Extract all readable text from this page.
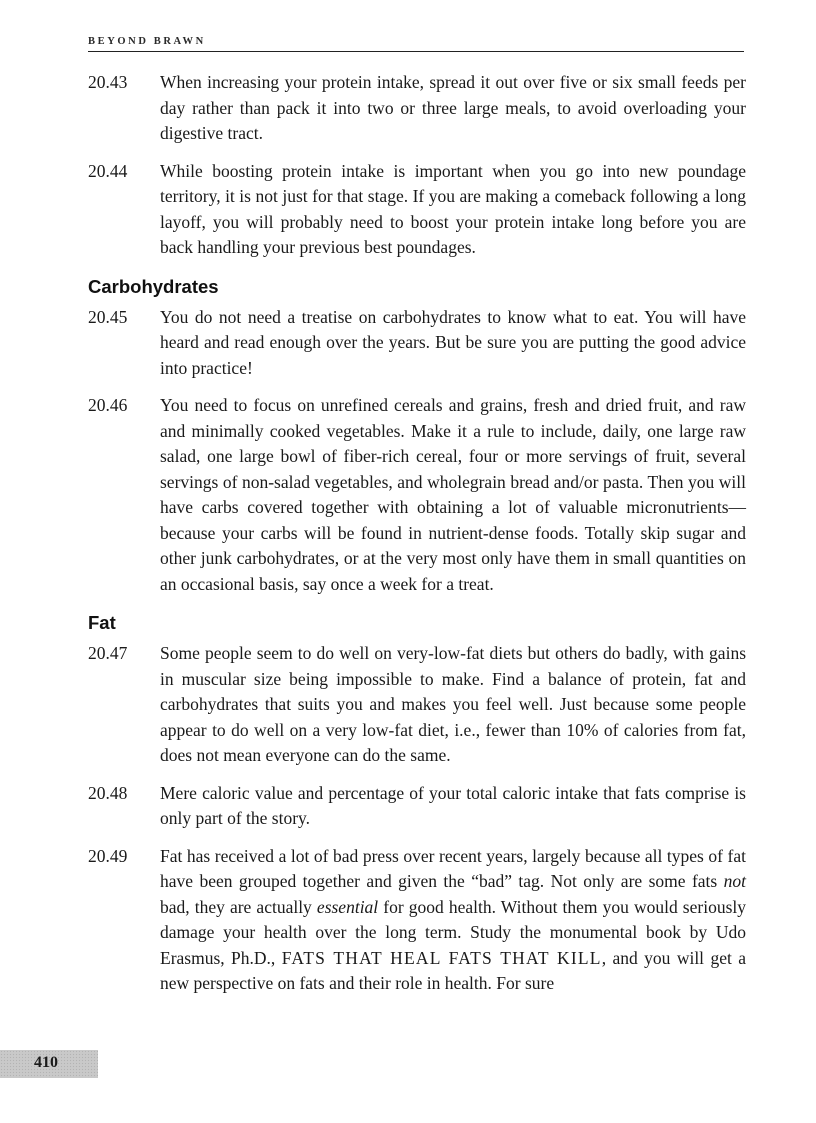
BEYOND BRAWN
20.43	When increasing your protein intake, spread it out over five or six small feeds per day rather than pack it into two or three large meals, to avoid overloading your digestive tract.
20.44	While boosting protein intake is important when you go into new poundage territory, it is not just for that stage. If you are making a comeback following a long layoff, you will probably need to boost your protein intake long before you are back handling your previous best poundages.
Carbohydrates
20.45	You do not need a treatise on carbohydrates to know what to eat. You will have heard and read enough over the years. But be sure you are putting the good advice into practice!
20.46	You need to focus on unrefined cereals and grains, fresh and dried fruit, and raw and minimally cooked vegetables. Make it a rule to include, daily, one large raw salad, one large bowl of fiber-rich cereal, four or more servings of fruit, several servings of non-salad vegetables, and wholegrain bread and/or pasta. Then you will have carbs covered together with obtaining a lot of valuable micronutrients—because your carbs will be found in nutrient-dense foods. Totally skip sugar and other junk carbohydrates, or at the very most only have them in small quantities on an occasional basis, say once a week for a treat.
Fat
20.47	Some people seem to do well on very-low-fat diets but others do badly, with gains in muscular size being impossible to make. Find a balance of protein, fat and carbohydrates that suits you and makes you feel well. Just because some people appear to do well on a very low-fat diet, i.e., fewer than 10% of calories from fat, does not mean everyone can do the same.
20.48	Mere caloric value and percentage of your total caloric intake that fats comprise is only part of the story.
20.49	Fat has received a lot of bad press over recent years, largely because all types of fat have been grouped together and given the “bad” tag. Not only are some fats not bad, they are actually essential for good health. Without them you would seriously damage your health over the long term. Study the monumental book by Udo Erasmus, Ph.D., FATS THAT HEAL FATS THAT KILL, and you will get a new perspective on fats and their role in health. For sure
410
